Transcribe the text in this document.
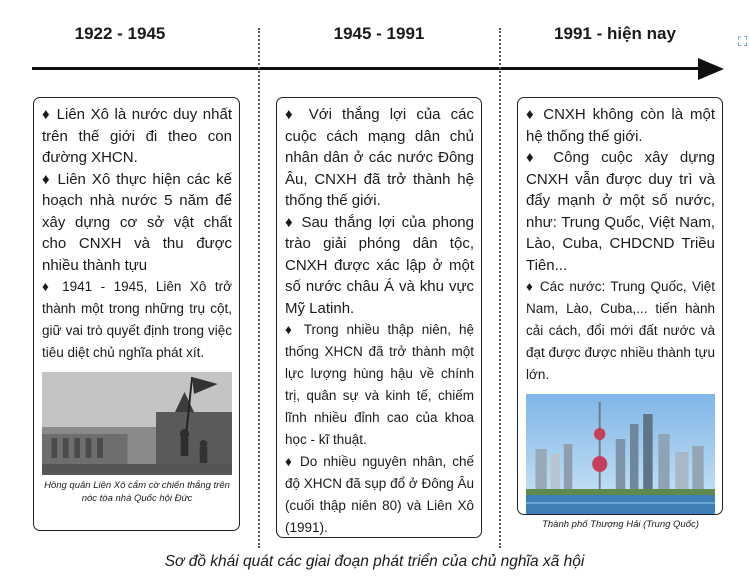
1922 - 1945	1945 - 1991	1991 - hiện nay	⛶

♦ Liên Xô là nước duy nhất trên thế giới đi theo con đường XHCN.

♦ Liên Xô thực hiện các kế hoạch nhà nước 5 năm để xây dựng cơ sở vật chất cho CNXH và thu được nhiều thành tựu

♦ 1941 - 1945, Liên Xô trở thành một trong những trụ cột, giữ vai trò quyết định trong việc tiêu diệt chủ nghĩa phát xít.

Hồng quân Liên Xô cắm cờ chiến thắng trên nóc tòa nhà Quốc hội Đức

♦ Với thắng lợi của các cuộc cách mạng dân chủ nhân dân ở các nước Đông Âu, CNXH đã trở thành hệ thống thế giới.

♦ Sau thắng lợi của phong trào giải phóng dân tộc, CNXH được xác lập ở một số nước châu Á và khu vực Mỹ Latinh.

♦ Trong nhiều thập niên, hệ thống XHCN đã trở thành một lực lượng hùng hậu về chính trị, quân sự và kinh tế, chiếm lĩnh nhiều đỉnh cao của khoa học - kĩ thuật.

♦ Do nhiều nguyên nhân, chế độ XHCN đã sụp đổ ở Đông Âu (cuối thập niên 80) và Liên Xô (1991).

♦ CNXH không còn là một hệ thống thế giới.

♦ Công cuộc xây dựng CNXH vẫn được duy trì và đẩy mạnh ở một số nước, như: Trung Quốc, Việt Nam, Lào, Cuba, CHDCND Triều Tiên...

♦ Các nước: Trung Quốc, Việt Nam, Lào, Cuba,... tiến hành cải cách, đổi mới đất nước và đạt được được nhiều thành tựu lớn.

Thành phố Thượng Hải (Trung Quốc)

Sơ đồ khái quát các giai đoạn phát triển của chủ nghĩa xã hội
